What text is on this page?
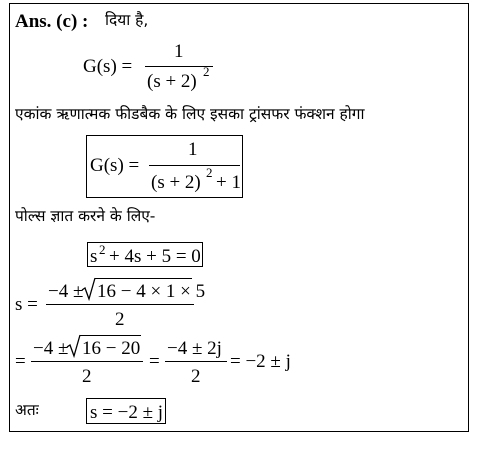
Ans. (c) : दिया है,
G(s) =
1
(s + 2) 2
एकांक ऋणात्मक फीडबैक के लिए इसका ट्रांसफर फंक्शन होगा
G(s) =
1
(s + 2) 2 + 1
पोल्स ज्ञात करने के लिए-
s 2 + 4s + 5 = 0
s =
−4 ± 16 − 4 × 1 × 5
2
=
−4 ± 16 − 20
2
=
−4 ± 2j
2
= −2 ± j
अतः	s = −2 ± j
